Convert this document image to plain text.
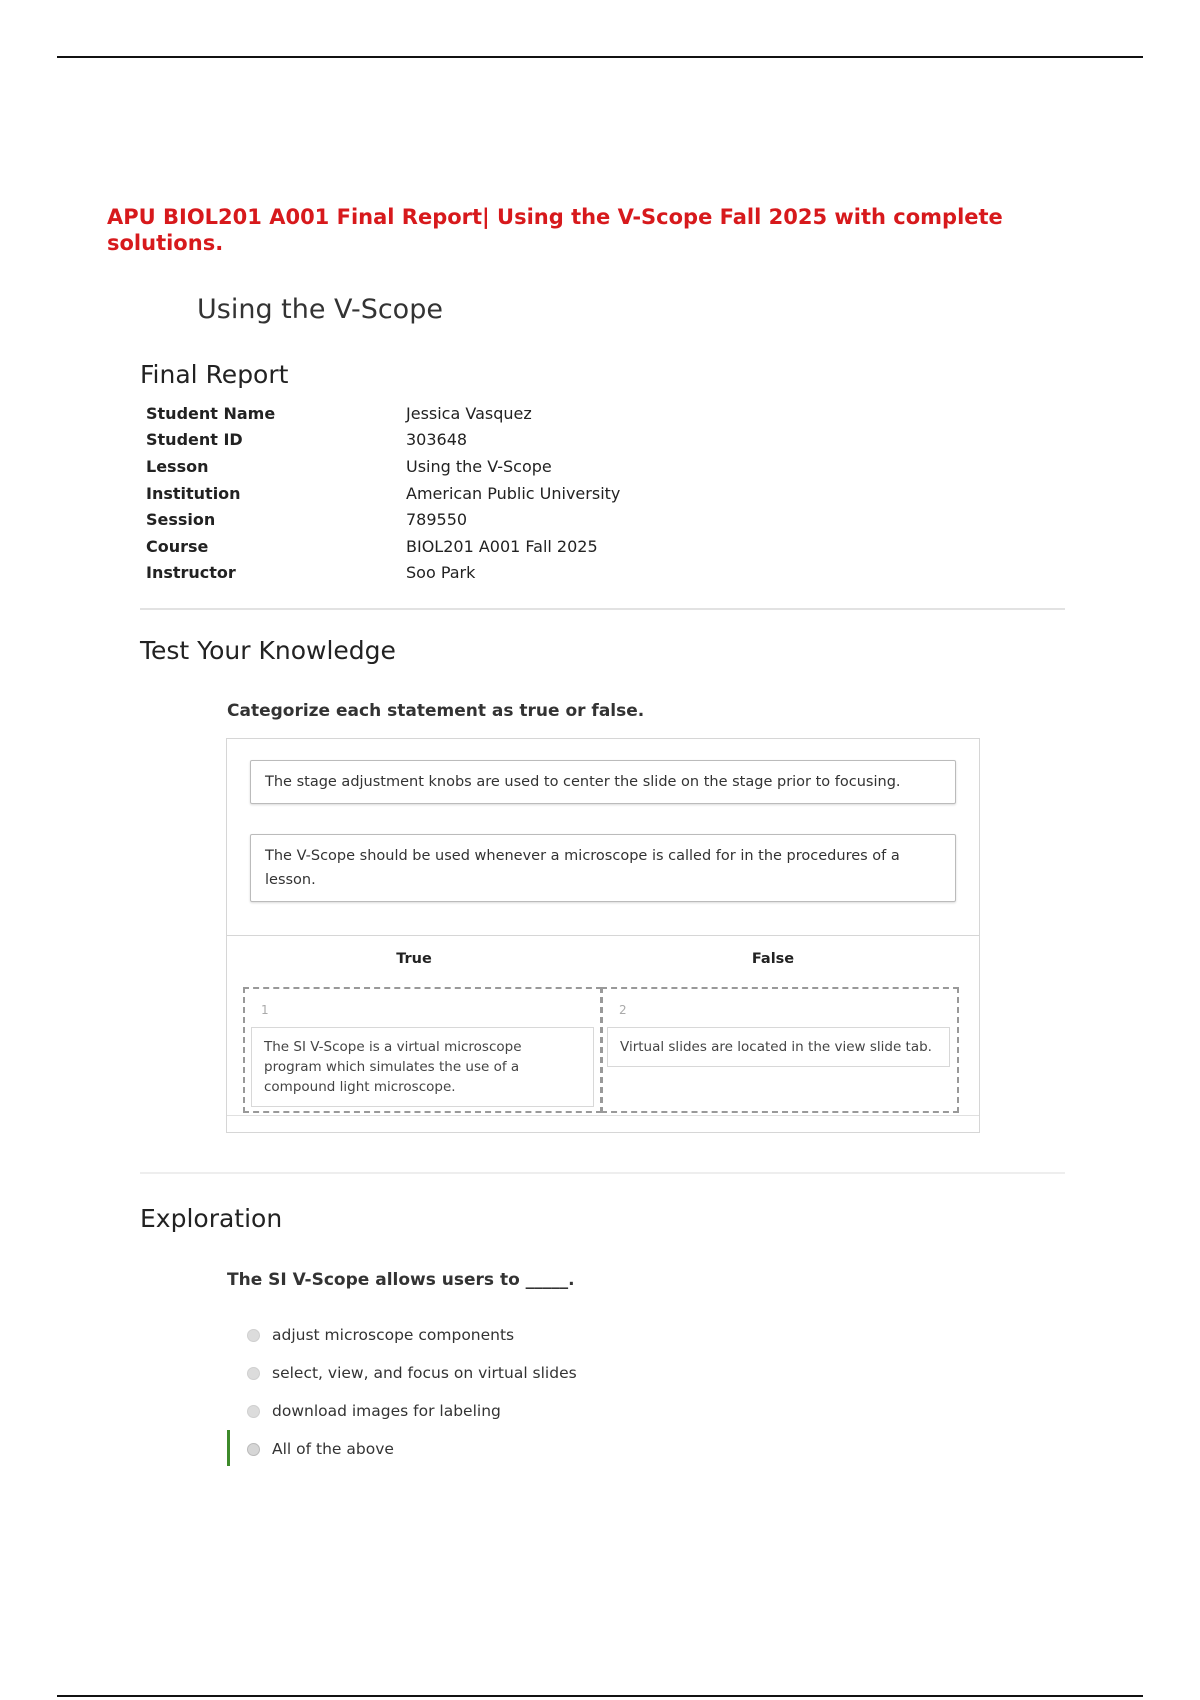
APU BIOL201 A001 Final Report| Using the V-Scope Fall 2025 with complete solutions.
Using the V-Scope
Final Report
Student Name	Jessica Vasquez
Student ID	303648
Lesson	Using the V-Scope
Institution	American Public University
Session	789550
Course	BIOL201 A001 Fall 2025
Instructor	Soo Park
Test Your Knowledge
Categorize each statement as true or false.
The stage adjustment knobs are used to center the slide on the stage prior to focusing.
The V-Scope should be used whenever a microscope is called for in the procedures of a lesson.
True	False
1
The SI V-Scope is a virtual microscope program which simulates the use of a compound light microscope.
2
Virtual slides are located in the view slide tab.
Exploration
The SI V-Scope allows users to _____.
adjust microscope components
select, view, and focus on virtual slides
download images for labeling
All of the above
